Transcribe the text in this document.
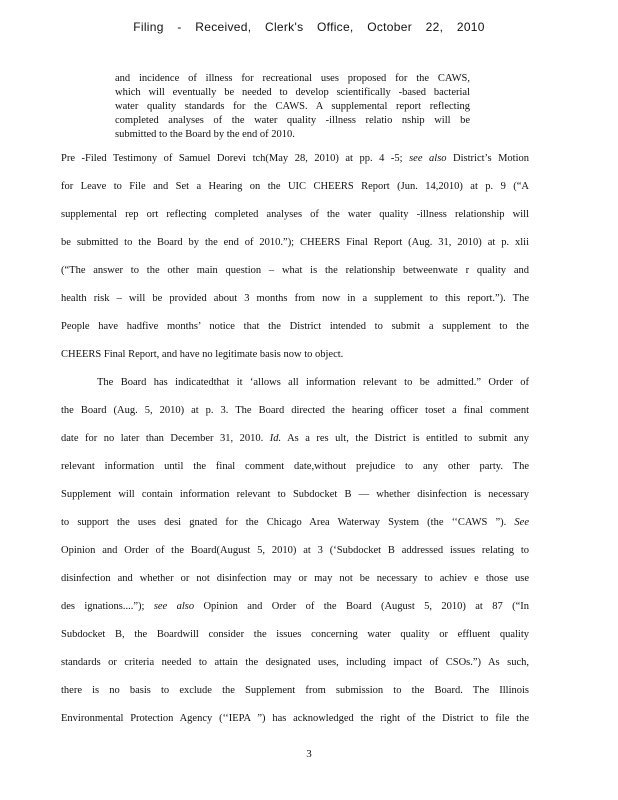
Filing - Received, Clerk's Office, October 22, 2010
and incidence of illness for recreational uses proposed for the CAWS,
which will eventually be needed to develop scientifically -based bacterial
water quality standards for the CAWS. A supplemental report reflecting
completed analyses of the water quality -illness relatio nship will be
submitted to the Board by the end of 2010.
Pre -Filed Testimony of Samuel Dorevi tch(May 28, 2010) at pp. 4 -5; see also District’s Motion
for Leave to File and Set a Hearing on the UIC CHEERS Report (Jun. 14,2010) at p. 9 (“A
supplemental rep ort reflecting completed analyses of the water quality -illness relationship will
be submitted to the Board by the end of 2010.”); CHEERS Final Report (Aug. 31, 2010) at p. xlii
(“The answer to the other main question – what is the relationship betweenwate r quality and
health risk – will be provided about 3 months from now in a supplement to this report.”). The
People have hadfive months’ notice that the District intended to submit a supplement to the
CHEERS Final Report, and have no legitimate basis now to object.
The Board has indicatedthat it ‘allows all information relevant to be admitted.” Order of
the Board (Aug. 5, 2010) at p. 3. The Board directed the hearing officer toset a final comment
date for no later than December 31, 2010. Id. As a res ult, the District is entitled to submit any
relevant information until the final comment date,without prejudice to any other party. The
Supplement will contain information relevant to Subdocket B — whether disinfection is necessary
to support the uses desi gnated for the Chicago Area Waterway System (the ‘‘CAWS ”). See
Opinion and Order of the Board(August 5, 2010) at 3 (‘Subdocket B addressed issues relating to
disinfection and whether or not disinfection may or may not be necessary to achiev e those use
des ignations....”); see also Opinion and Order of the Board (August 5, 2010) at 87 (“In
Subdocket B, the Boardwill consider the issues concerning water quality or effluent quality
standards or criteria needed to attain the designated uses, including impact of CSOs.”) As such,
there is no basis to exclude the Supplement from submission to the Board. The Illinois
Environmental Protection Agency (‘‘IEPA ”) has acknowledged the right of the District to file the
3
